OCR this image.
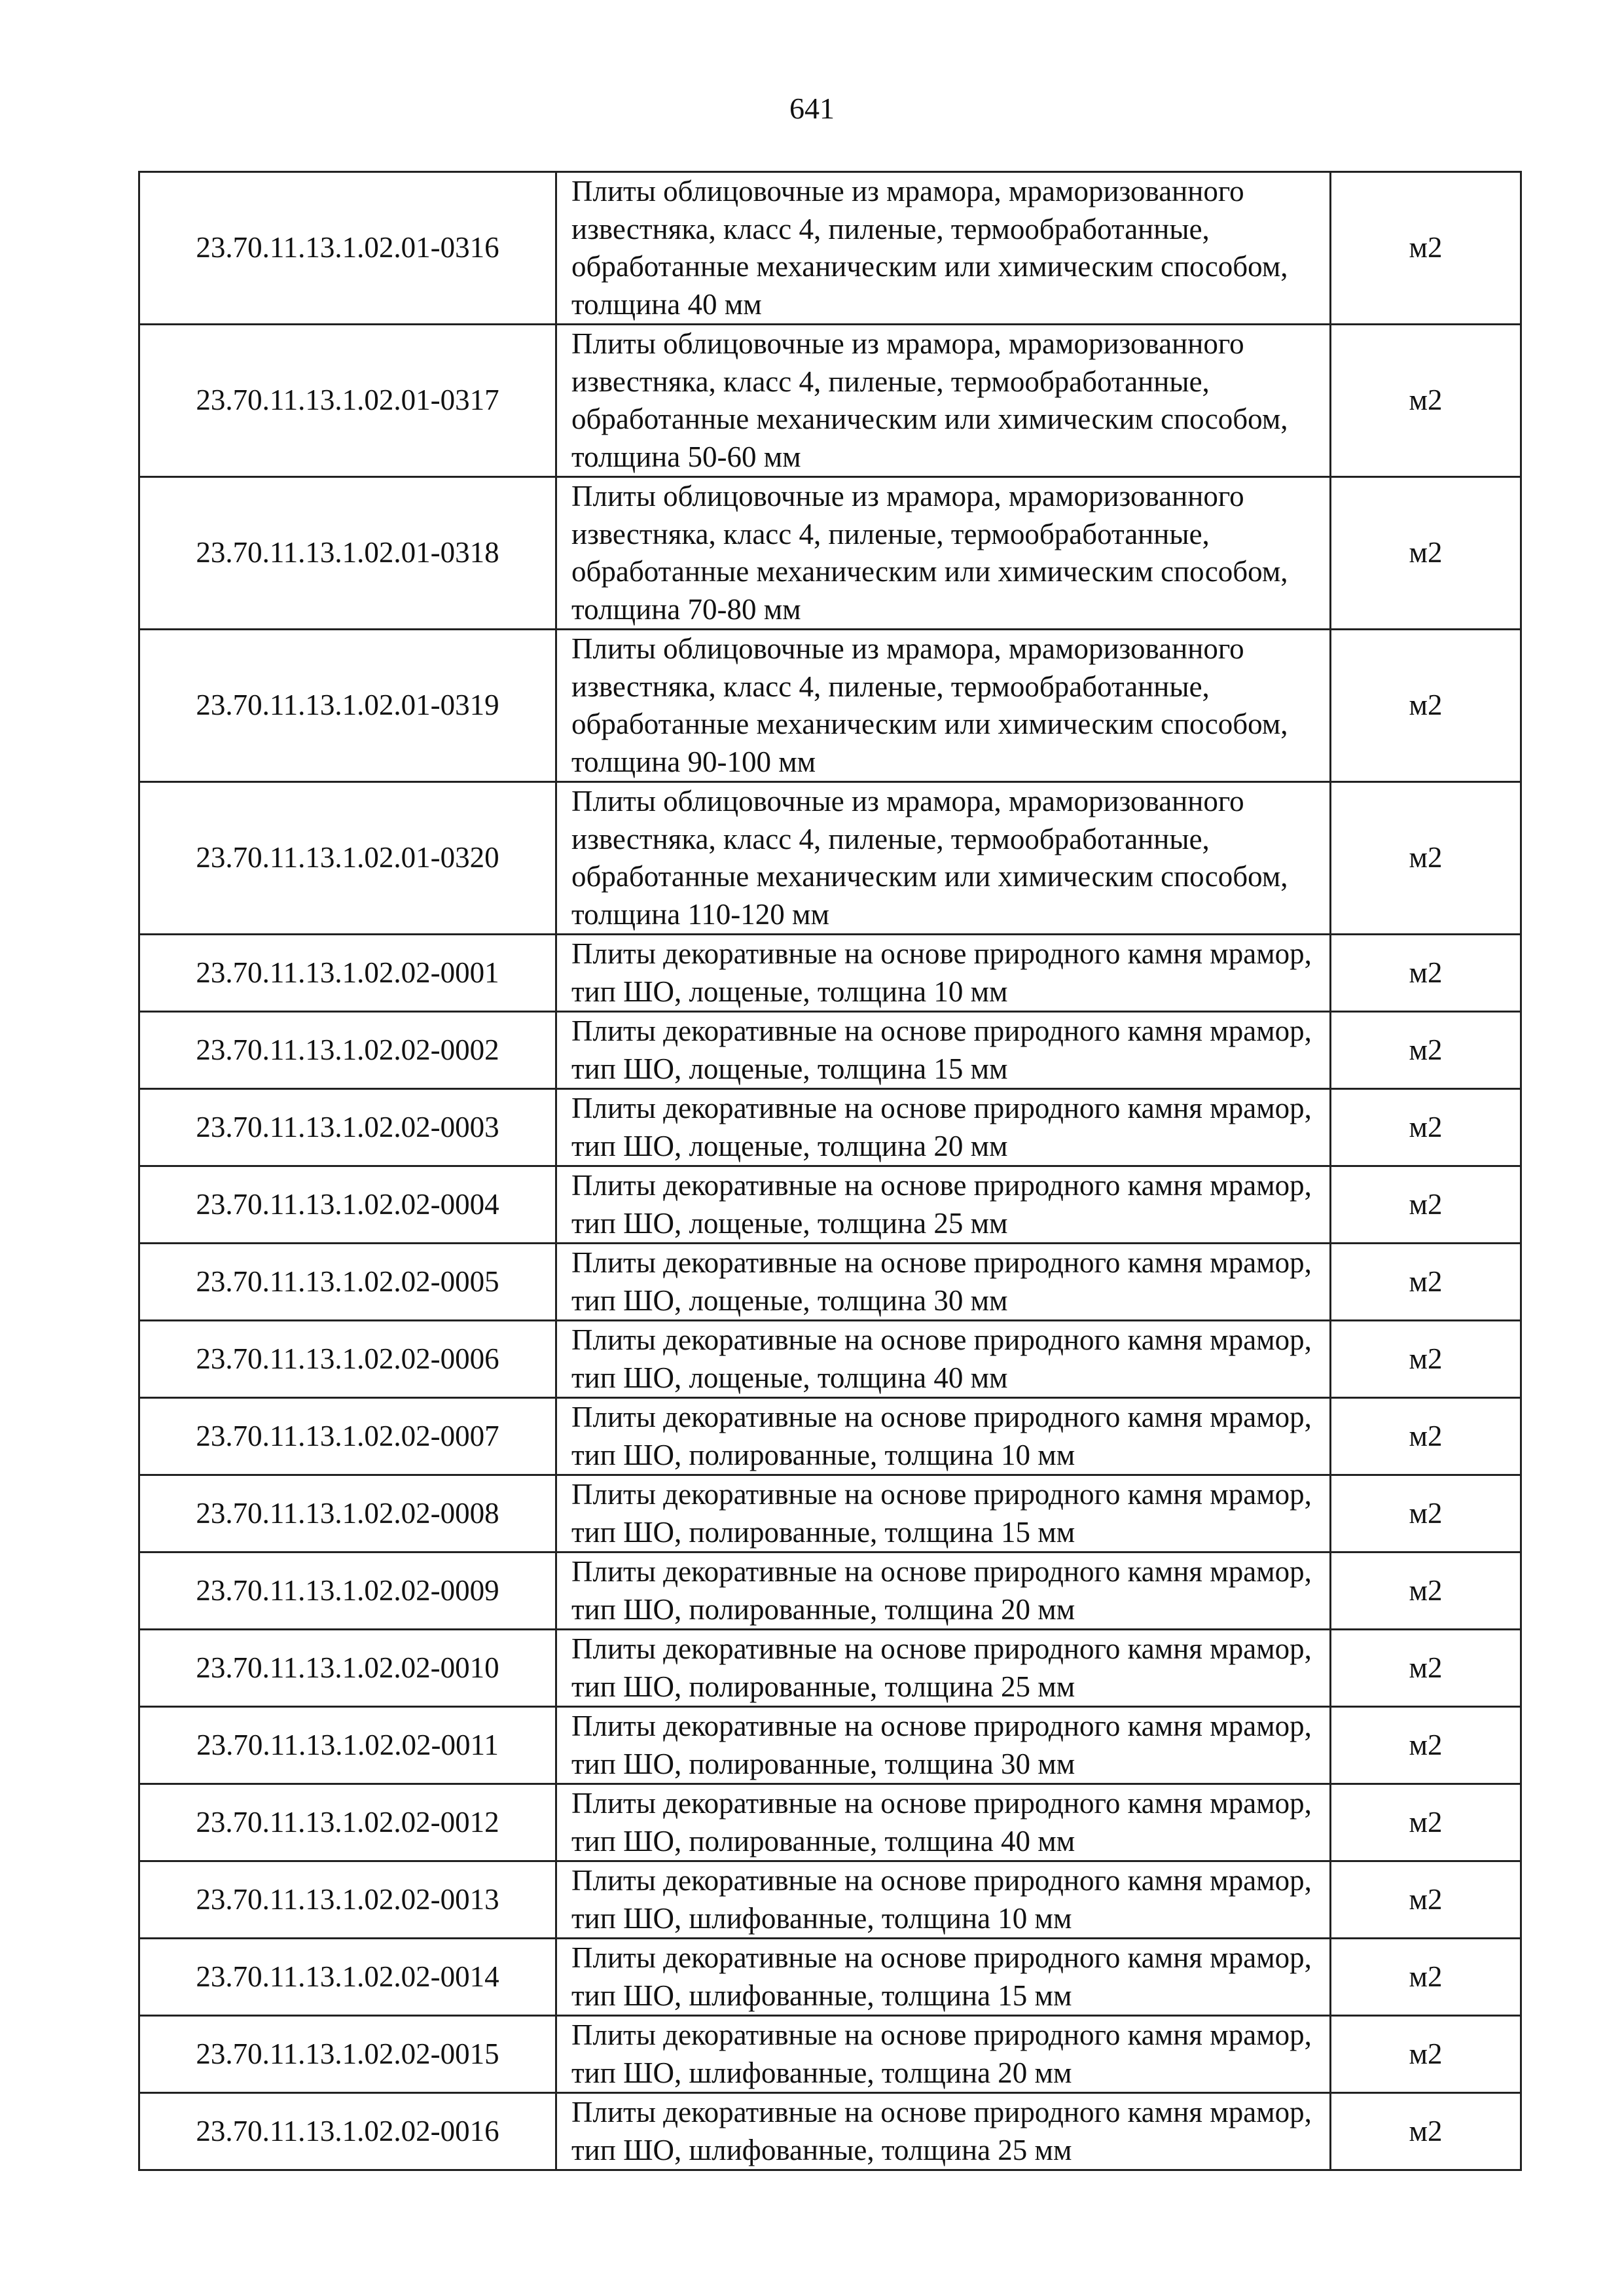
641
23.70.11.13.1.02.01-0316	Плиты облицовочные из мрамора, мраморизованного известняка, класс 4, пиленые, термообработанные, обработанные механическим или химическим способом, толщина 40 мм	м2
23.70.11.13.1.02.01-0317	Плиты облицовочные из мрамора, мраморизованного известняка, класс 4, пиленые, термообработанные, обработанные механическим или химическим способом, толщина 50-60 мм	м2
23.70.11.13.1.02.01-0318	Плиты облицовочные из мрамора, мраморизованного известняка, класс 4, пиленые, термообработанные, обработанные механическим или химическим способом, толщина 70-80 мм	м2
23.70.11.13.1.02.01-0319	Плиты облицовочные из мрамора, мраморизованного известняка, класс 4, пиленые, термообработанные, обработанные механическим или химическим способом, толщина 90-100 мм	м2
23.70.11.13.1.02.01-0320	Плиты облицовочные из мрамора, мраморизованного известняка, класс 4, пиленые, термообработанные, обработанные механическим или химическим способом, толщина 110-120 мм	м2
23.70.11.13.1.02.02-0001	Плиты декоративные на основе природного камня мрамор, тип ШО, лощеные, толщина 10 мм	м2
23.70.11.13.1.02.02-0002	Плиты декоративные на основе природного камня мрамор, тип ШО, лощеные, толщина 15 мм	м2
23.70.11.13.1.02.02-0003	Плиты декоративные на основе природного камня мрамор, тип ШО, лощеные, толщина 20 мм	м2
23.70.11.13.1.02.02-0004	Плиты декоративные на основе природного камня мрамор, тип ШО, лощеные, толщина 25 мм	м2
23.70.11.13.1.02.02-0005	Плиты декоративные на основе природного камня мрамор, тип ШО, лощеные, толщина 30 мм	м2
23.70.11.13.1.02.02-0006	Плиты декоративные на основе природного камня мрамор, тип ШО, лощеные, толщина 40 мм	м2
23.70.11.13.1.02.02-0007	Плиты декоративные на основе природного камня мрамор, тип ШО, полированные, толщина 10 мм	м2
23.70.11.13.1.02.02-0008	Плиты декоративные на основе природного камня мрамор, тип ШО, полированные, толщина 15 мм	м2
23.70.11.13.1.02.02-0009	Плиты декоративные на основе природного камня мрамор, тип ШО, полированные, толщина 20 мм	м2
23.70.11.13.1.02.02-0010	Плиты декоративные на основе природного камня мрамор, тип ШО, полированные, толщина 25 мм	м2
23.70.11.13.1.02.02-0011	Плиты декоративные на основе природного камня мрамор, тип ШО, полированные, толщина 30 мм	м2
23.70.11.13.1.02.02-0012	Плиты декоративные на основе природного камня мрамор, тип ШО, полированные, толщина 40 мм	м2
23.70.11.13.1.02.02-0013	Плиты декоративные на основе природного камня мрамор, тип ШО, шлифованные, толщина 10 мм	м2
23.70.11.13.1.02.02-0014	Плиты декоративные на основе природного камня мрамор, тип ШО, шлифованные, толщина 15 мм	м2
23.70.11.13.1.02.02-0015	Плиты декоративные на основе природного камня мрамор, тип ШО, шлифованные, толщина 20 мм	м2
23.70.11.13.1.02.02-0016	Плиты декоративные на основе природного камня мрамор, тип ШО, шлифованные, толщина 25 мм	м2
